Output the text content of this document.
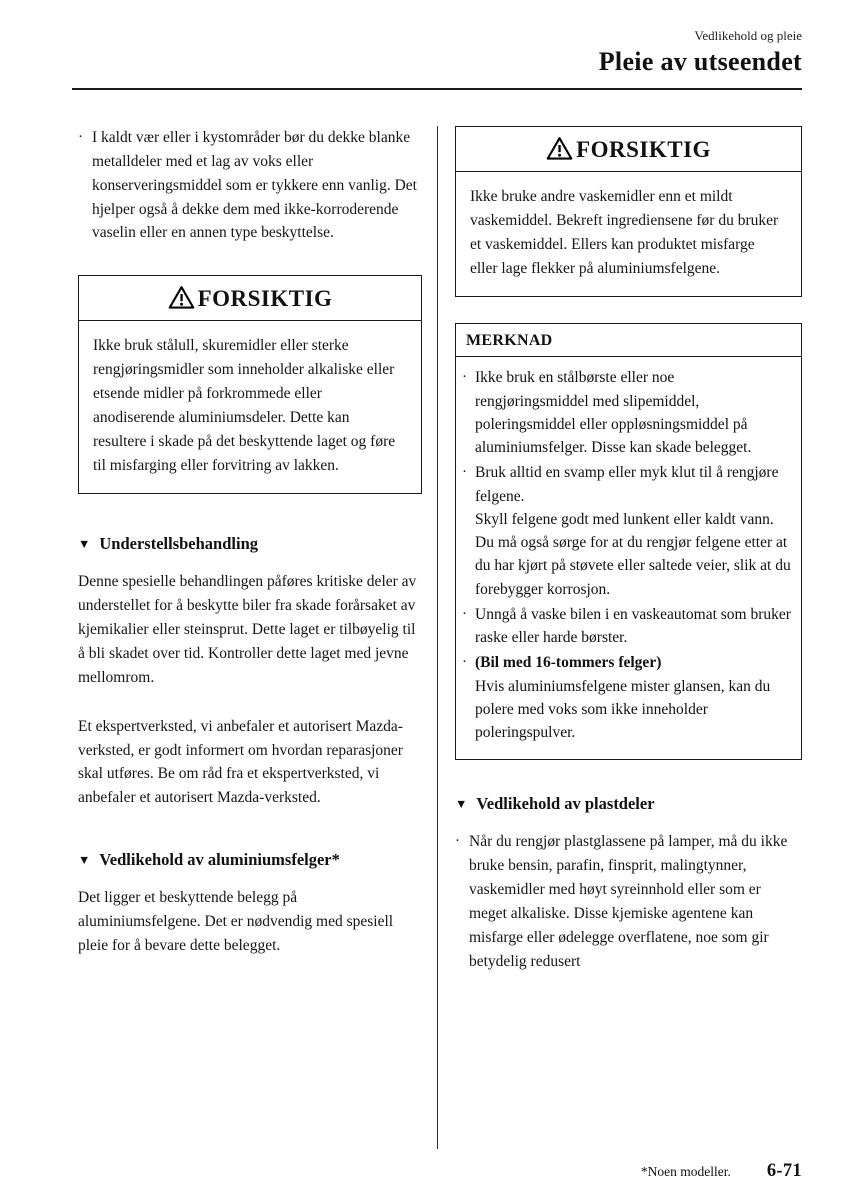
Vedlikehold og pleie
Pleie av utseendet
· I kaldt vær eller i kystområder bør du dekke blanke metalldeler med et lag av voks eller konserveringsmiddel som er tykkere enn vanlig. Det hjelper også å dekke dem med ikke-korroderende vaselin eller en annen type beskyttelse.
FORSIKTIG
Ikke bruk stålull, skuremidler eller sterke rengjøringsmidler som inneholder alkaliske eller etsende midler på forkrommede eller anodiserende aluminiumsdeler. Dette kan resultere i skade på det beskyttende laget og føre til misfarging eller forvitring av lakken.
▼ Understellsbehandling

Denne spesielle behandlingen påføres kritiske deler av understellet for å beskytte biler fra skade forårsaket av kjemikalier eller steinsprut. Dette laget er tilbøyelig til å bli skadet over tid. Kontroller dette laget med jevne mellomrom.

Et ekspertverksted, vi anbefaler et autorisert Mazda-verksted, er godt informert om hvordan reparasjoner skal utføres. Be om råd fra et ekspertverksted, vi anbefaler et autorisert Mazda-verksted.

▼ Vedlikehold av aluminiumsfelger*

Det ligger et beskyttende belegg på aluminiumsfelgene. Det er nødvendig med spesiell pleie for å bevare dette belegget.

FORSIKTIG
Ikke bruke andre vaskemidler enn et mildt vaskemiddel. Bekreft ingrediensene før du bruker et vaskemiddel. Ellers kan produktet misfarge eller lage flekker på aluminiumsfelgene.
MERKNAD
· Ikke bruk en stålbørste eller noe rengjøringsmiddel med slipemiddel, poleringsmiddel eller oppløsningsmiddel på aluminiumsfelger. Disse kan skade belegget.
· Bruk alltid en svamp eller myk klut til å rengjøre felgene.
Skyll felgene godt med lunkent eller kaldt vann. Du må også sørge for at du rengjør felgene etter at du har kjørt på støvete eller saltede veier, slik at du forebygger korrosjon.
· Unngå å vaske bilen i en vaskeautomat som bruker raske eller harde børster.
· (Bil med 16-tommers felger)
Hvis aluminiumsfelgene mister glansen, kan du polere med voks som ikke inneholder poleringspulver.
▼ Vedlikehold av plastdeler
· Når du rengjør plastglassene på lamper, må du ikke bruke bensin, parafin, finsprit, malingtynner, vaskemidler med høyt syreinnhold eller som er meget alkaliske. Disse kjemiske agentene kan misfarge eller ødelegge overflatene, noe som gir betydelig redusert
*Noen modeller. 6-71
